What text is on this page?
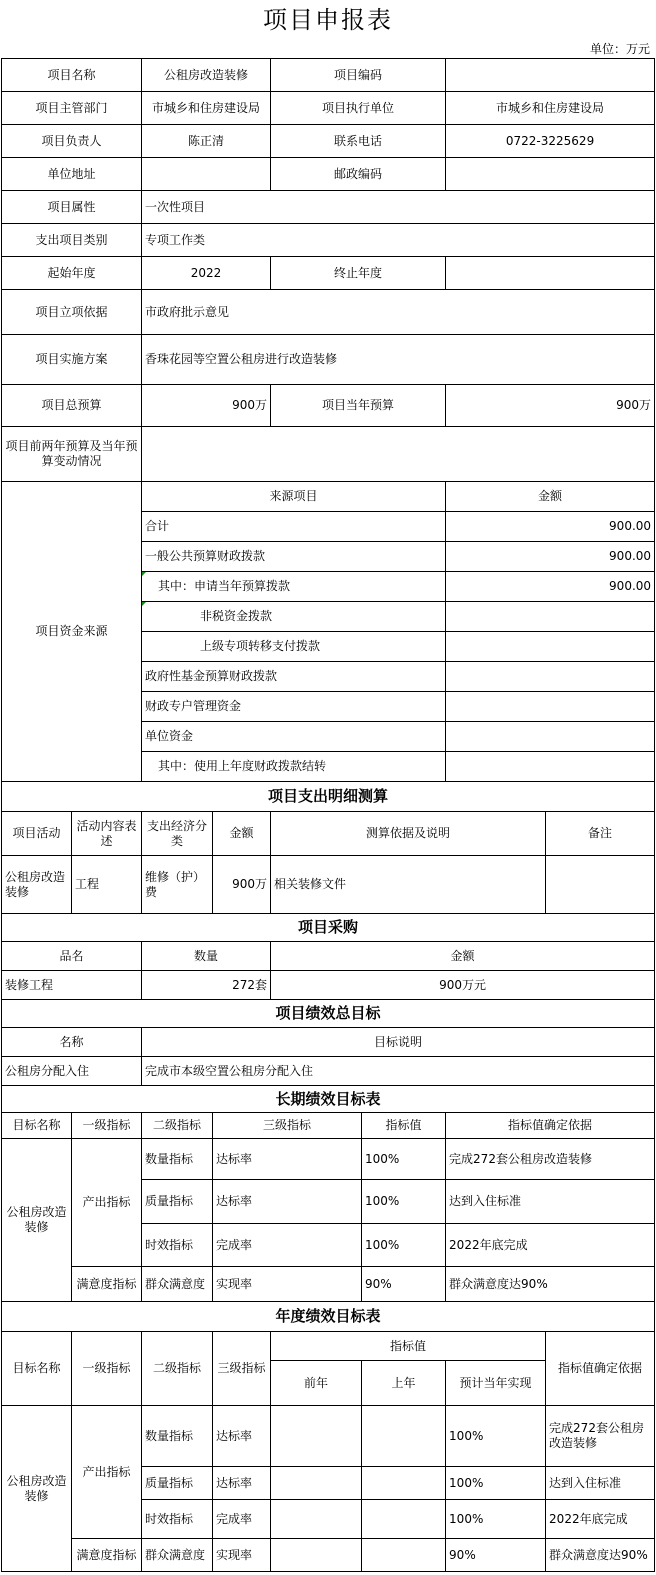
项目申报表
单位：万元
项目名称		公租房改造装修		项目编码			
项目主管部门		市城乡和住房建设局		项目执行单位		市城乡和住房建设局	
项目负责人		陈正清		联系电话		0722-3225629	
单位地址				邮政编码			
项目属性		一次性项目					
支出项目类别		专项工作类					
起始年度		2022		终止年度			
项目立项依据		市政府批示意见					
项目实施方案		香珠花园等空置公租房进行改造装修					
项目总预算		900万		项目当年预算		900万	
项目前两年预算及当年预算变动情况							
项目资金来源		来源项目				金额	
		合计				900.00	
		一般公共预算财政拨款				900.00	
		其中：申请当年预算拨款				900.00	
		非税资金拨款					
		上级专项转移支付拨款					
		政府性基金预算财政拨款					
		财政专户管理资金					
		单位资金					
		其中：使用上年度财政拨款结转					
项目支出明细测算							
项目活动	活动内容表述	支出经济分类	金额	测算依据及说明			备注
公租房改造装修	工程	维修（护）费	900万	相关装修文件			
项目采购							
品名		数量		金额			
装修工程		272套		900万元			
项目绩效总目标							
名称		目标说明					
公租房分配入住		完成市本级空置公租房分配入住					
长期绩效目标表							
目标名称	一级指标	二级指标	三级指标		指标值	指标值确定依据	
公租房改造装修	产出指标	数量指标	达标率		100%	完成272套公租房改造装修	
		质量指标	达标率		100%	达到入住标准	
		时效指标	完成率		100%	2022年底完成	
	满意度指标	群众满意度	实现率		90%	群众满意度达90%	
年度绩效目标表							
目标名称	一级指标	二级指标	三级指标	指标值			指标值确定依据
				前年	上年	预计当年实现	
公租房改造装修	产出指标	数量指标	达标率			100%	完成272套公租房改造装修
		质量指标	达标率			100%	达到入住标准
		时效指标	完成率			100%	2022年底完成
	满意度指标	群众满意度	实现率			90%	群众满意度达90%
